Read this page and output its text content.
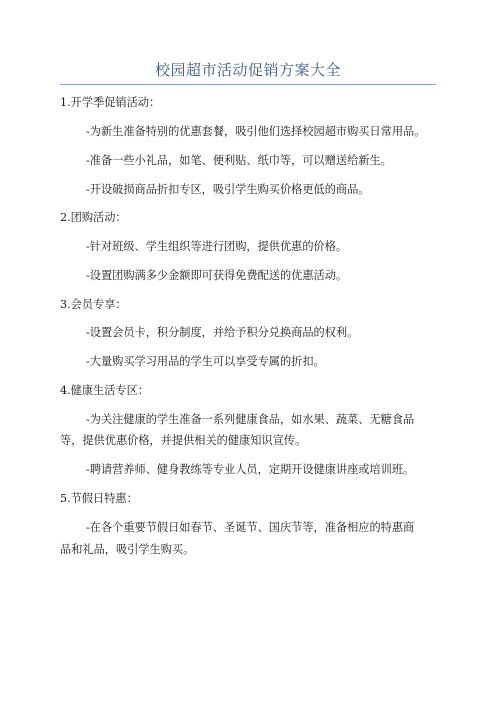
校园超市活动促销方案大全
1.开学季促销活动：
-为新生准备特别的优惠套餐，吸引他们选择校园超市购买日常用品。
-准备一些小礼品，如笔、便利贴、纸巾等，可以赠送给新生。
-开设破损商品折扣专区，吸引学生购买价格更低的商品。
2.团购活动：
-针对班级、学生组织等进行团购，提供优惠的价格。
-设置团购满多少金额即可获得免费配送的优惠活动。
3.会员专享：
-设置会员卡，积分制度，并给予积分兑换商品的权利。
-大量购买学习用品的学生可以享受专属的折扣。
4.健康生活专区：
-为关注健康的学生准备一系列健康食品，如水果、蔬菜、无糖食品
等，提供优惠价格，并提供相关的健康知识宣传。
-聘请营养师、健身教练等专业人员，定期开设健康讲座或培训班。
5.节假日特惠：
-在各个重要节假日如春节、圣诞节、国庆节等，准备相应的特惠商
品和礼品，吸引学生购买。
